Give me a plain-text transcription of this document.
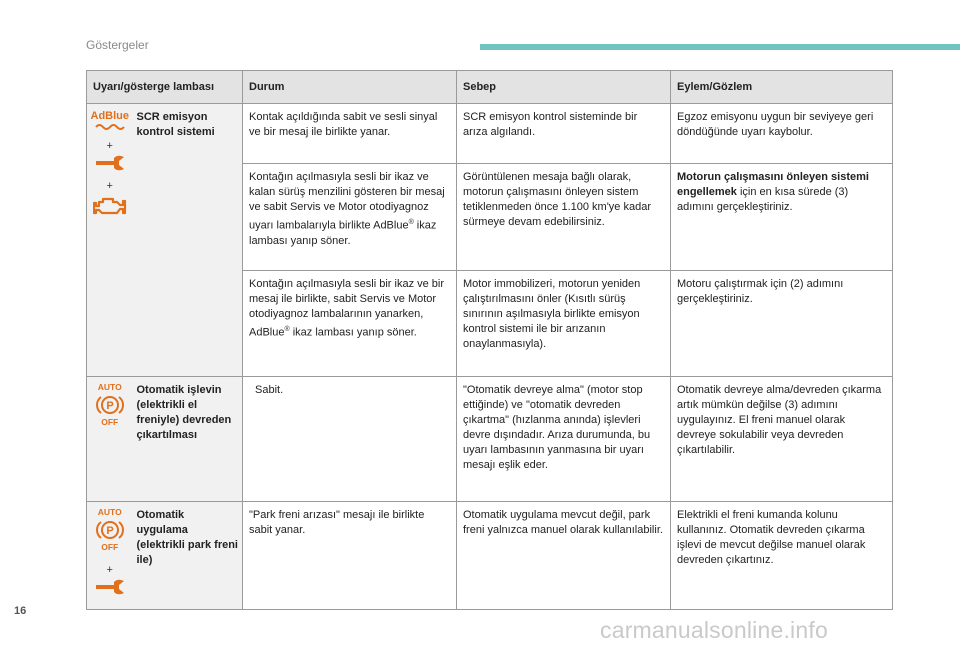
Göstergeler
Uyarı/gösterge lambası		Durum	Sebep	Eylem/Gözlem

AdBlue
+
+	SCR emisyon kontrol sistemi	Kontak açıldığında sabit ve sesli sinyal ve bir mesaj ile birlikte yanar.	SCR emisyon kontrol sisteminde bir arıza algılandı.	Egzoz emisyonu uygun bir seviyeye geri döndüğünde uyarı kaybolur.
		Kontağın açılmasıyla sesli bir ikaz ve kalan sürüş menzilini gösteren bir mesaj ve sabit Servis ve Motor otodiyagnoz uyarı lambalarıyla birlikte AdBlue® ikaz lambası yanıp söner.	Görüntülenen mesaja bağlı olarak, motorun çalışmasını önleyen sistem tetiklenmeden önce 1.100 km'ye kadar sürmeye devam edebilirsiniz.	Motorun çalışmasını önleyen sistemi engellemek için en kısa sürede (3) adımını gerçekleştiriniz.
		Kontağın açılmasıyla sesli bir ikaz ve bir mesaj ile birlikte, sabit Servis ve Motor otodiyagnoz lambalarının yanarken, AdBlue® ikaz lambası yanıp söner.	Motor immobilizeri, motorun yeniden çalıştırılmasını önler (Kısıtlı sürüş sınırının aşılmasıyla birlikte emisyon kontrol sistemi ile bir arızanın onaylanmasıyla).	Motoru çalıştırmak için (2) adımını gerçekleştiriniz.

AUTO
P
OFF	Otomatik işlevin (elektrikli el freniyle) devreden çıkartılması	Sabit.	"Otomatik devreye alma" (motor stop ettiğinde) ve "otomatik devreden çıkartma" (hızlanma anında) işlevleri devre dışındadır. Arıza durumunda, bu uyarı lambasının yanmasına bir uyarı mesajı eşlik eder.	Otomatik devreye alma/devreden çıkarma artık mümkün değilse (3) adımını uygulayınız. El freni manuel olarak devreye sokulabilir veya devreden çıkartılabilir.

AUTO
P
OFF
+	Otomatik uygulama (elektrikli park freni ile)	"Park freni arızası" mesajı ile birlikte sabit yanar.	Otomatik uygulama mevcut değil, park freni yalnızca manuel olarak kullanılabilir.	Elektrikli el freni kumanda kolunu kullanınız. Otomatik devreden çıkarma işlevi de mevcut değilse manuel olarak devreden çıkartınız.
16
carmanualsonline.info
